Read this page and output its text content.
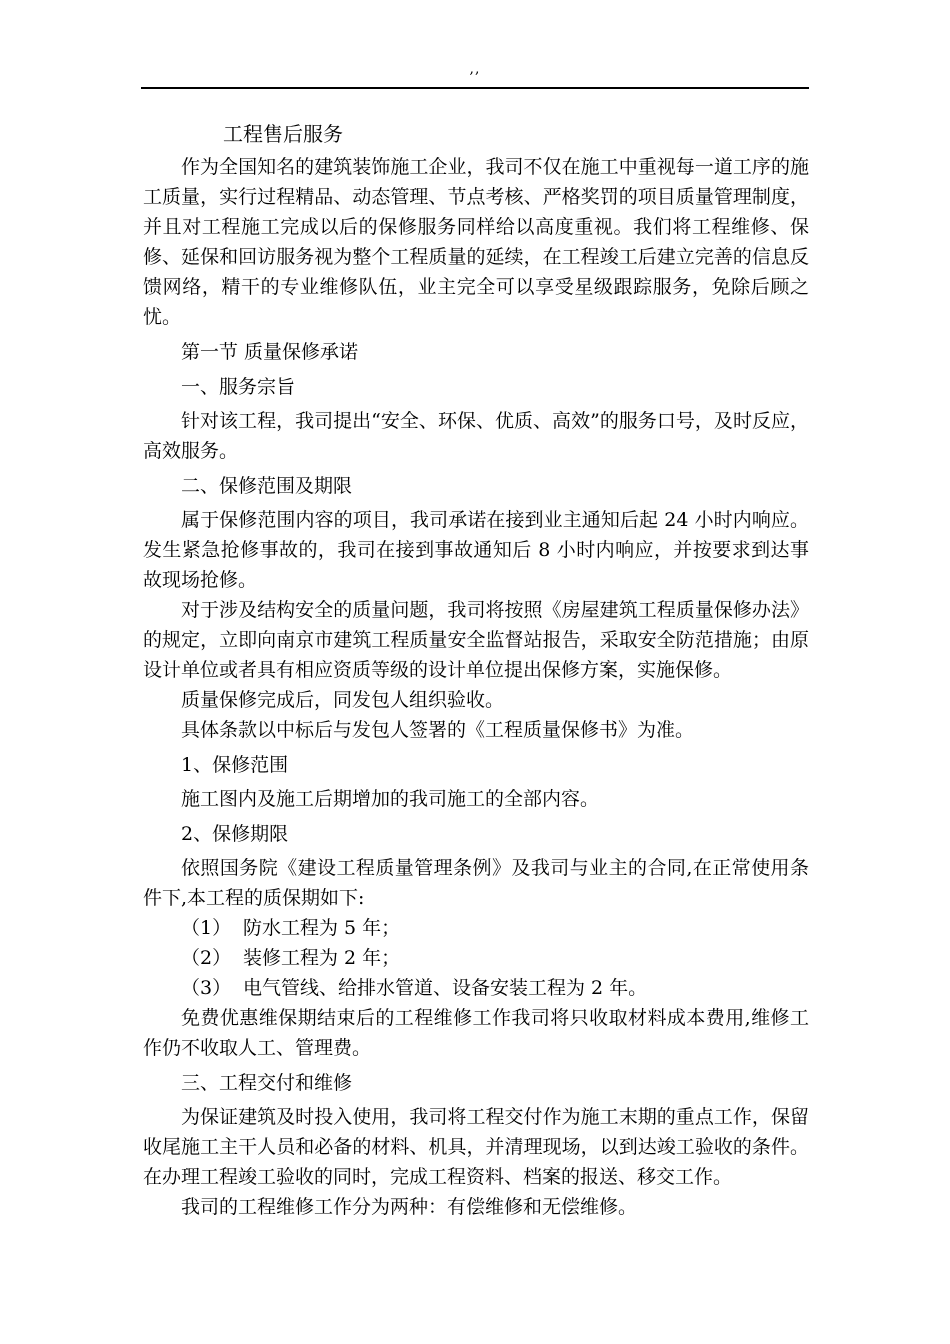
,,

工程售后服务

作为全国知名的建筑装饰施工企业，我司不仅在施工中重视每一道工序的施工质量，实行过程精品、动态管理、节点考核、严格奖罚的项目质量管理制度，并且对工程施工完成以后的保修服务同样给以高度重视。我们将工程维修、保修、延保和回访服务视为整个工程质量的延续，在工程竣工后建立完善的信息反馈网络，精干的专业维修队伍，业主完全可以享受星级跟踪服务，免除后顾之忧。

第一节 质量保修承诺

一、服务宗旨

针对该工程，我司提出“安全、环保、优质、高效”的服务口号，及时反应，高效服务。

二、保修范围及期限

属于保修范围内容的项目，我司承诺在接到业主通知后起 24 小时内响应。发生紧急抢修事故的，我司在接到事故通知后 8 小时内响应，并按要求到达事故现场抢修。

对于涉及结构安全的质量问题，我司将按照《房屋建筑工程质量保修办法》的规定，立即向南京市建筑工程质量安全监督站报告，采取安全防范措施；由原设计单位或者具有相应资质等级的设计单位提出保修方案，实施保修。

质量保修完成后，同发包人组织验收。

具体条款以中标后与发包人签署的《工程质量保修书》为准。

1、保修范围

施工图内及施工后期增加的我司施工的全部内容。

2、保修期限

依照国务院《建设工程质量管理条例》及我司与业主的合同,在正常使用条件下,本工程的质保期如下:

（1） 防水工程为 5 年；

（2） 装修工程为 2 年；

（3） 电气管线、给排水管道、设备安装工程为 2 年。

免费优惠维保期结束后的工程维修工作我司将只收取材料成本费用,维修工作仍不收取人工、管理费。

三、工程交付和维修

为保证建筑及时投入使用，我司将工程交付作为施工末期的重点工作，保留收尾施工主干人员和必备的材料、机具，并清理现场，以到达竣工验收的条件。在办理工程竣工验收的同时，完成工程资料、档案的报送、移交工作。

我司的工程维修工作分为两种：有偿维修和无偿维修。
